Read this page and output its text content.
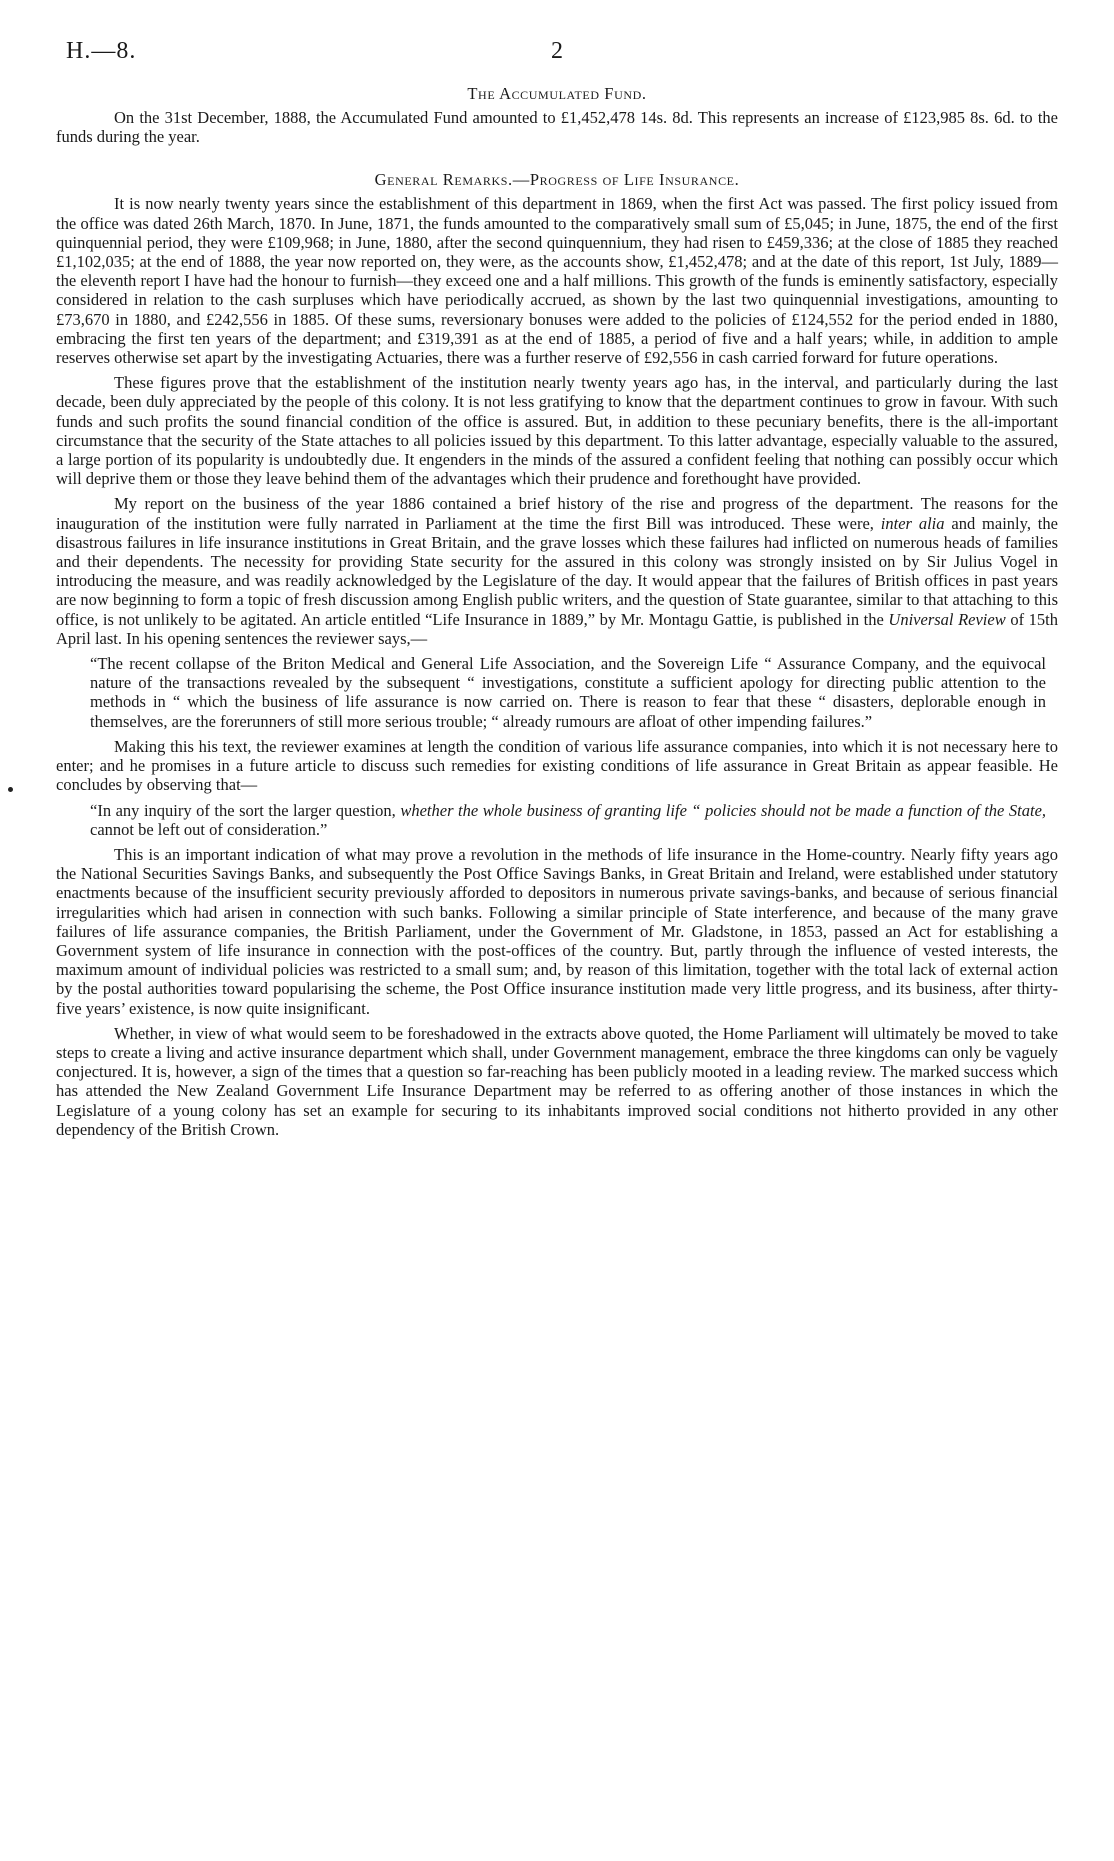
H.—8.	2
The Accumulated Fund.

On the 31st December, 1888, the Accumulated Fund amounted to £1,452,478 14s. 8d. This represents an increase of £123,985 8s. 6d. to the funds during the year.

General Remarks.—Progress of Life Insurance.

It is now nearly twenty years since the establishment of this department in 1869, when the first Act was passed. The first policy issued from the office was dated 26th March, 1870. In June, 1871, the funds amounted to the comparatively small sum of £5,045; in June, 1875, the end of the first quinquennial period, they were £109,968; in June, 1880, after the second quinquennium, they had risen to £459,336; at the close of 1885 they reached £1,102,035; at the end of 1888, the year now reported on, they were, as the accounts show, £1,452,478; and at the date of this report, 1st July, 1889—the eleventh report I have had the honour to furnish—they exceed one and a half millions. This growth of the funds is eminently satisfactory, especially considered in relation to the cash surpluses which have periodically accrued, as shown by the last two quinquennial investigations, amounting to £73,670 in 1880, and £242,556 in 1885. Of these sums, reversionary bonuses were added to the policies of £124,552 for the period ended in 1880, embracing the first ten years of the department; and £319,391 as at the end of 1885, a period of five and a half years; while, in addition to ample reserves otherwise set apart by the investigating Actuaries, there was a further reserve of £92,556 in cash carried forward for future operations.

These figures prove that the establishment of the institution nearly twenty years ago has, in the interval, and particularly during the last decade, been duly appreciated by the people of this colony. It is not less gratifying to know that the department continues to grow in favour. With such funds and such profits the sound financial condition of the office is assured. But, in addition to these pecuniary benefits, there is the all-important circumstance that the security of the State attaches to all policies issued by this department. To this latter advantage, especially valuable to the assured, a large portion of its popularity is undoubtedly due. It engenders in the minds of the assured a confident feeling that nothing can possibly occur which will deprive them or those they leave behind them of the advantages which their prudence and forethought have provided.

My report on the business of the year 1886 contained a brief history of the rise and progress of the department. The reasons for the inauguration of the institution were fully narrated in Parliament at the time the first Bill was introduced. These were, inter alia and mainly, the disastrous failures in life insurance institutions in Great Britain, and the grave losses which these failures had inflicted on numerous heads of families and their dependents. The necessity for providing State security for the assured in this colony was strongly insisted on by Sir Julius Vogel in introducing the measure, and was readily acknowledged by the Legislature of the day. It would appear that the failures of British offices in past years are now beginning to form a topic of fresh discussion among English public writers, and the question of State guarantee, similar to that attaching to this office, is not unlikely to be agitated. An article entitled “Life Insurance in 1889,” by Mr. Montagu Gattie, is published in the Universal Review of 15th April last. In his opening sentences the reviewer says,—

“The recent collapse of the Briton Medical and General Life Association, and the Sovereign Life “ Assurance Company, and the equivocal nature of the transactions revealed by the subsequent “ investigations, constitute a sufficient apology for directing public attention to the methods in “ which the business of life assurance is now carried on. There is reason to fear that these “ disasters, deplorable enough in themselves, are the forerunners of still more serious trouble; “ already rumours are afloat of other impending failures.”

Making this his text, the reviewer examines at length the condition of various life assurance companies, into which it is not necessary here to enter; and he promises in a future article to discuss such remedies for existing conditions of life assurance in Great Britain as appear feasible. He concludes by observing that—

“In any inquiry of the sort the larger question, whether the whole business of granting life “ policies should not be made a function of the State, cannot be left out of consideration.”

This is an important indication of what may prove a revolution in the methods of life insurance in the Home-country. Nearly fifty years ago the National Securities Savings Banks, and subsequently the Post Office Savings Banks, in Great Britain and Ireland, were established under statutory enactments because of the insufficient security previously afforded to depositors in numerous private savings-banks, and because of serious financial irregularities which had arisen in connection with such banks. Following a similar principle of State interference, and because of the many grave failures of life assurance companies, the British Parliament, under the Government of Mr. Gladstone, in 1853, passed an Act for establishing a Government system of life insurance in connection with the post-offices of the country. But, partly through the influence of vested interests, the maximum amount of individual policies was restricted to a small sum; and, by reason of this limitation, together with the total lack of external action by the postal authorities toward popularising the scheme, the Post Office insurance institution made very little progress, and its business, after thirty-five years’ existence, is now quite insignificant.

Whether, in view of what would seem to be foreshadowed in the extracts above quoted, the Home Parliament will ultimately be moved to take steps to create a living and active insurance department which shall, under Government management, embrace the three kingdoms can only be vaguely conjectured. It is, however, a sign of the times that a question so far-reaching has been publicly mooted in a leading review. The marked success which has attended the New Zealand Government Life Insurance Department may be referred to as offering another of those instances in which the Legislature of a young colony has set an example for securing to its inhabitants improved social conditions not hitherto provided in any other dependency of the British Crown.
